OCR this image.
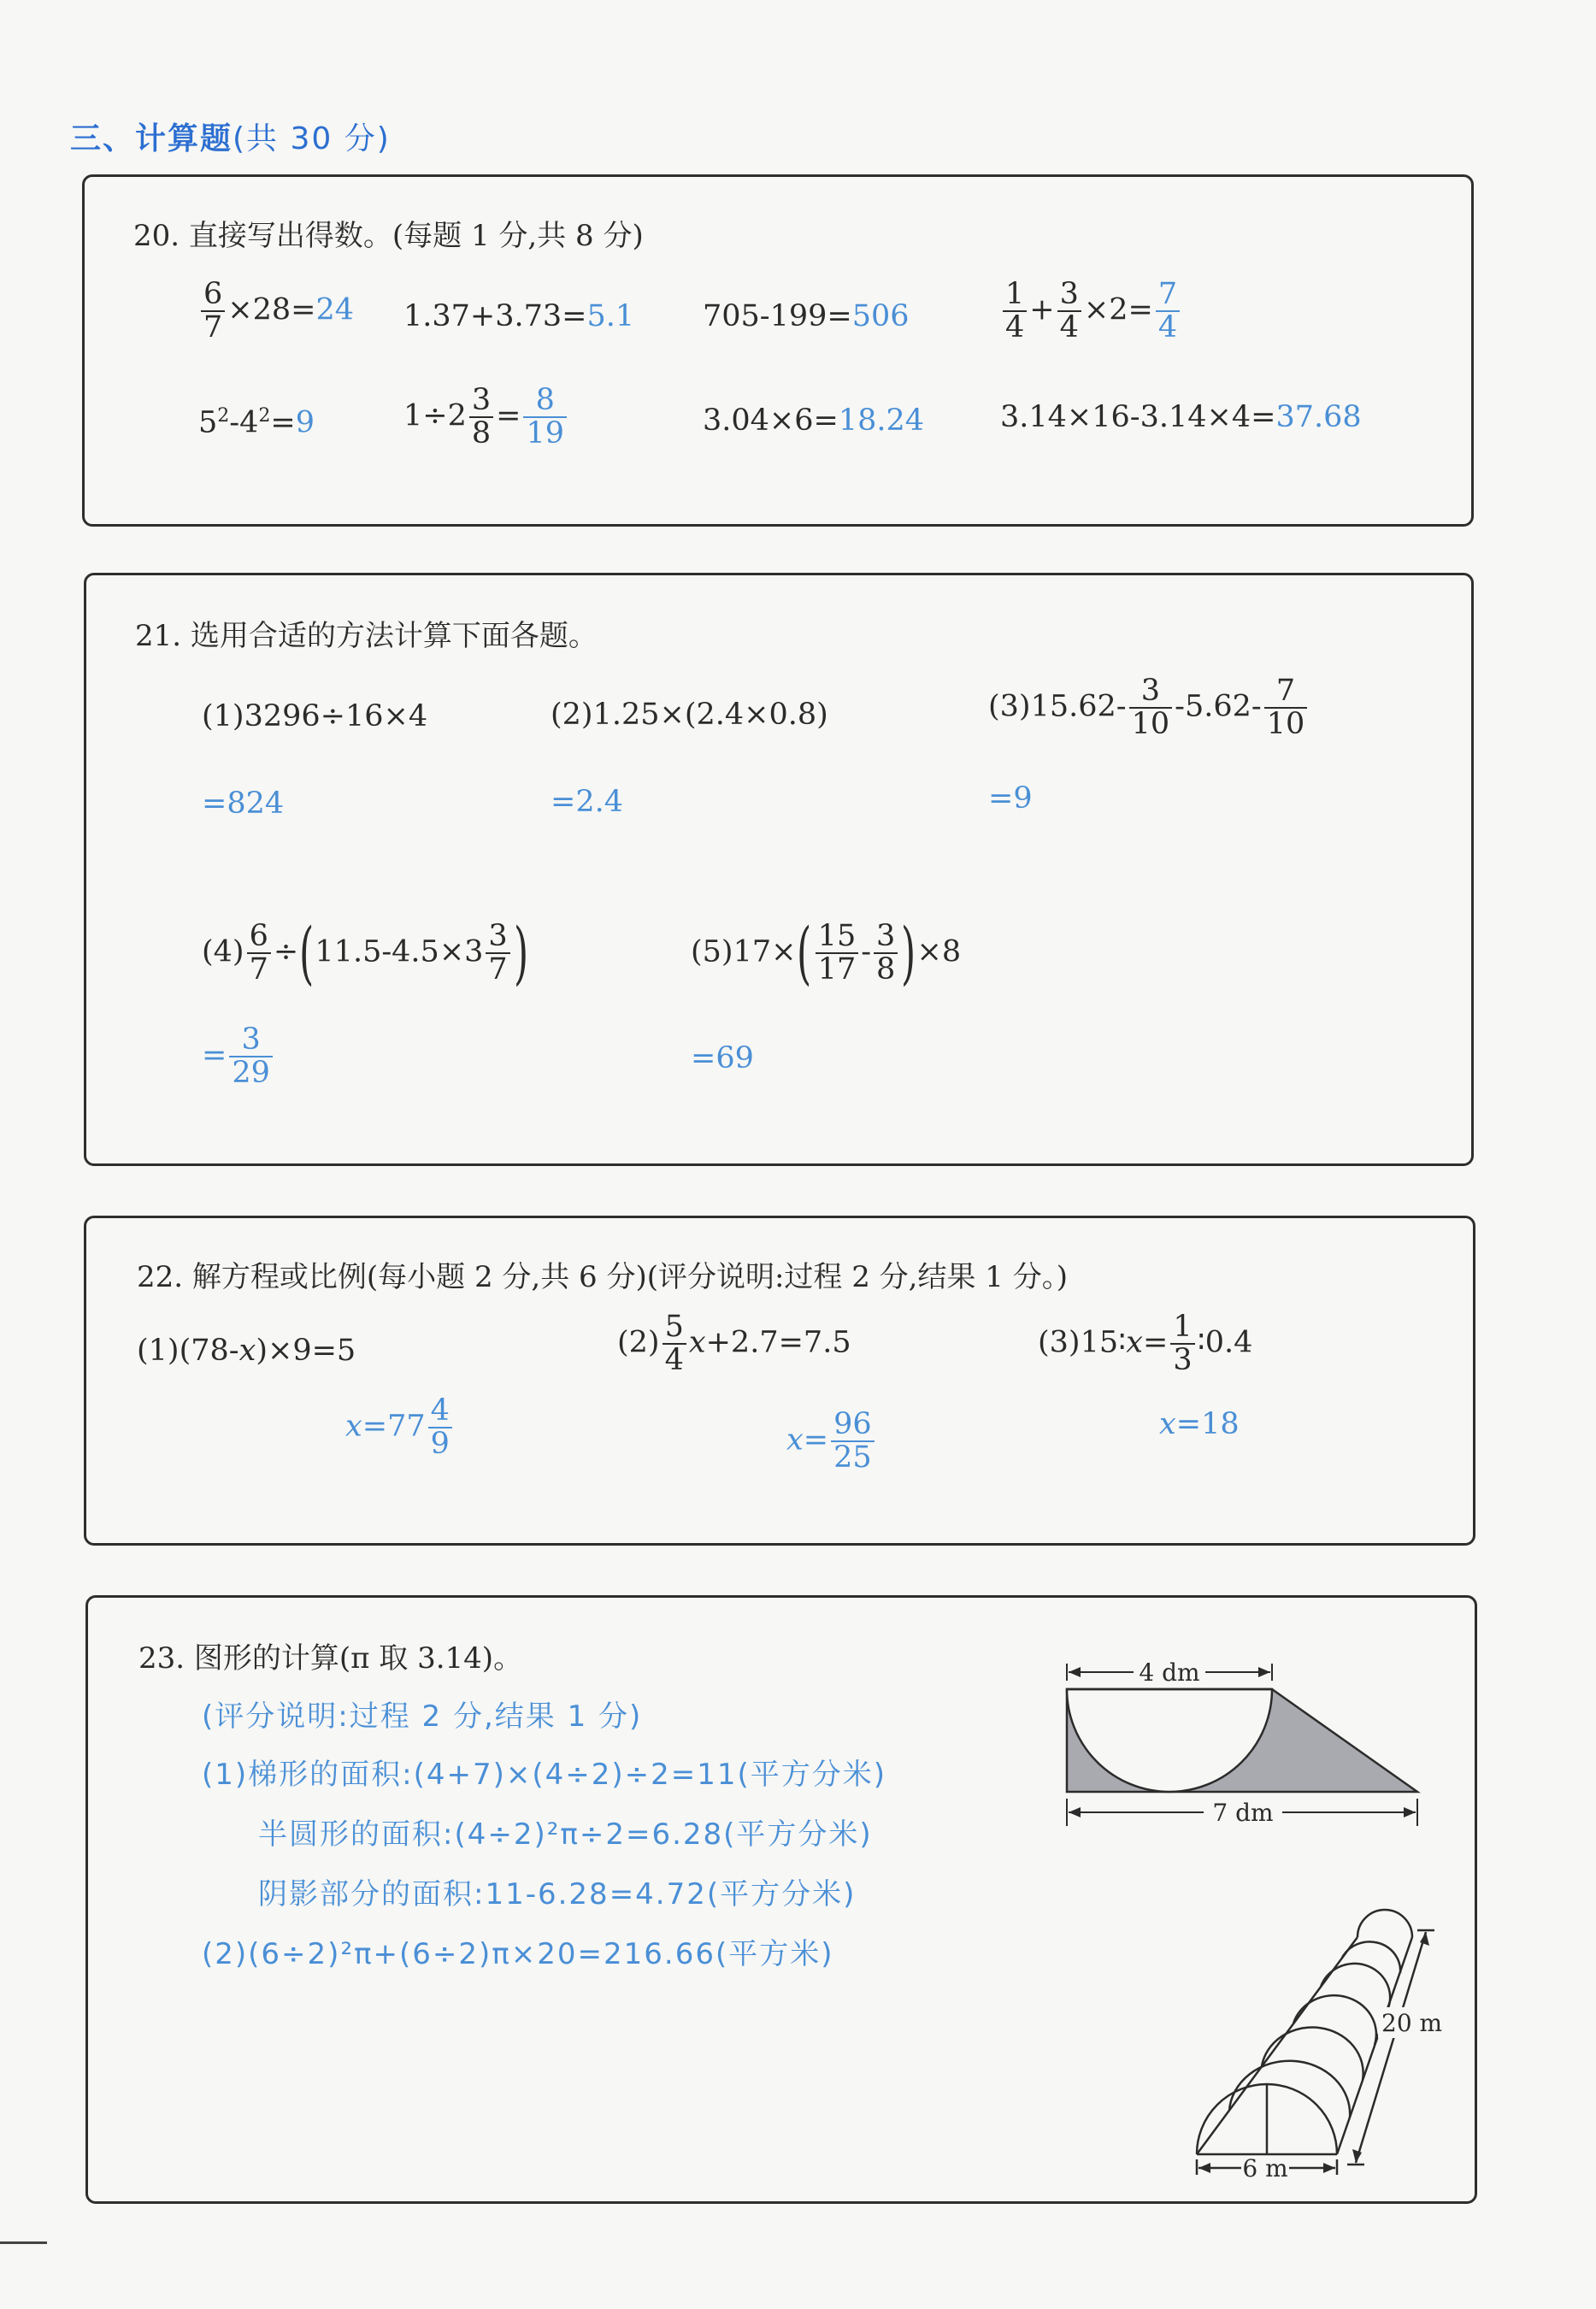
三、计算题(共 30 分)
20. 直接写出得数。(每题 1 分,共 8 分)
$\frac{6}{7} \times 28=24$ 1.37+3.73=5.1 705-199=506	$\frac{1}{4} + \frac{3}{4} \times 2= \frac{7}{4}$
$5^2-4^2=9$	$1\div 2 \frac{3}{8} = \frac{8}{19}$	3.04×6=18.24	3.14×16-3.14×4=37.68
21. 选用合适的方法计算下面各题。
(1)3296÷16×4
=824
(2)1.25×(2.4×0.8)
=2.4
$(3)15.62- \frac{3}{10} -5.62- \frac{7}{10}$
=9
$(4) \frac{6}{7} \div(11.5-4.5\times 3 \frac{3}{7}$ )
= $\frac{3}{29}$
$(5)17\times( \frac{15}{17} - \frac{3}{8} )\times 8$
=69
22. 解方程或比例(每小题 2 分,共 6 分)(评分说明:过程 2 分,结果 1 分。)
(1)(78-x)×9=5
$x=77 \frac{4}{9}$
$(2) \frac{5}{4} x+2.7=7.5$
$x= \frac{96}{25}$
(3)15∶x= $\frac{1}{3}$ ∶0.4
x=18
23. 图形的计算(π 取 3.14)。
(评分说明:过程 2 分,结果 1 分)
(1)梯形的面积:(4+7)×(4÷2)÷2=11(平方分米)
半圆形的面积:(4÷2)²π÷2=6.28(平方分米)
阴影部分的面积:11-6.28=4.72(平方分米)
(2)(6÷2)²π+(6÷2)π×20=216.66(平方米)
4 dm
7 dm
20 m
6 m
